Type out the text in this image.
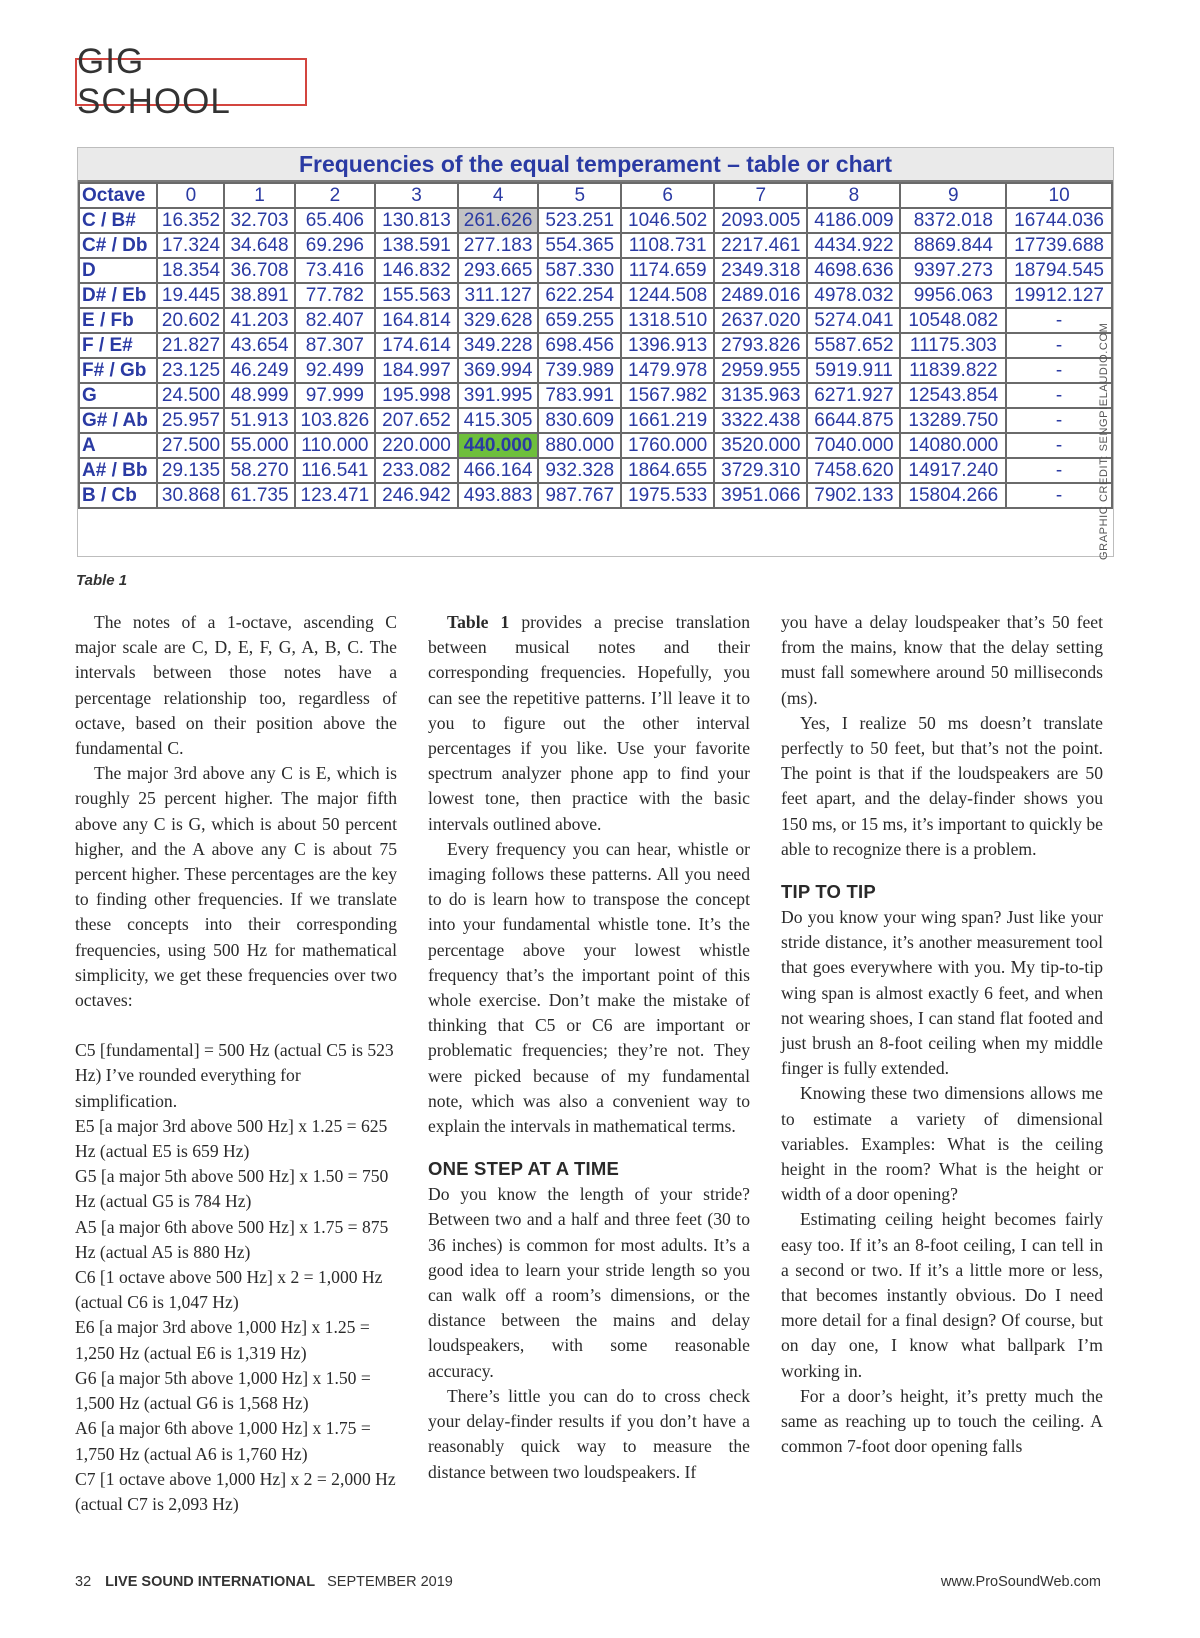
GIG SCHOOL
Frequencies of the equal temperament – table or chart
Octave	0	1	2	3	4	5	6	7	8	9	10
C / B#	16.352	32.703	65.406	130.813	261.626	523.251	1046.502	2093.005	4186.009	8372.018	16744.036
C# / Db	17.324	34.648	69.296	138.591	277.183	554.365	1108.731	2217.461	4434.922	8869.844	17739.688
D	18.354	36.708	73.416	146.832	293.665	587.330	1174.659	2349.318	4698.636	9397.273	18794.545
D# / Eb	19.445	38.891	77.782	155.563	311.127	622.254	1244.508	2489.016	4978.032	9956.063	19912.127
E / Fb	20.602	41.203	82.407	164.814	329.628	659.255	1318.510	2637.020	5274.041	10548.082	-
F / E#	21.827	43.654	87.307	174.614	349.228	698.456	1396.913	2793.826	5587.652	11175.303	-
F# / Gb	23.125	46.249	92.499	184.997	369.994	739.989	1479.978	2959.955	5919.911	11839.822	-
G	24.500	48.999	97.999	195.998	391.995	783.991	1567.982	3135.963	6271.927	12543.854	-
G# / Ab	25.957	51.913	103.826	207.652	415.305	830.609	1661.219	3322.438	6644.875	13289.750	-
A	27.500	55.000	110.000	220.000	440.000	880.000	1760.000	3520.000	7040.000	14080.000	-
A# / Bb	29.135	58.270	116.541	233.082	466.164	932.328	1864.655	3729.310	7458.620	14917.240	-
B / Cb	30.868	61.735	123.471	246.942	493.883	987.767	1975.533	3951.066	7902.133	15804.266	-	GRAPHIC CREDIT: SENGPIELAUDIO.COM
Table 1

The notes of a 1-octave, ascending C major scale are C, D, E, F, G, A, B, C. The intervals between those notes have a percentage relationship too, regardless of octave, based on their position above the fundamental C.

The major 3rd above any C is E, which is roughly 25 percent higher. The major fifth above any C is G, which is about 50 percent higher, and the A above any C is about 75 percent higher. These percentages are the key to finding other frequencies. If we translate these concepts into their corresponding frequencies, using 500 Hz for mathematical simplicity, we get these frequencies over two octaves:

C5 [fundamental] = 500 Hz (actual C5 is 523 Hz) I’ve rounded everything for simplification.

E5 [a major 3rd above 500 Hz] x 1.25 = 625 Hz (actual E5 is 659 Hz)

G5 [a major 5th above 500 Hz] x 1.50 = 750 Hz (actual G5 is 784 Hz)

A5 [a major 6th above 500 Hz] x 1.75 = 875 Hz (actual A5 is 880 Hz)

C6 [1 octave above 500 Hz] x 2 = 1,000 Hz (actual C6 is 1,047 Hz)

E6 [a major 3rd above 1,000 Hz] x 1.25 = 1,250 Hz (actual E6 is 1,319 Hz)

G6 [a major 5th above 1,000 Hz] x 1.50 = 1,500 Hz (actual G6 is 1,568 Hz)

A6 [a major 6th above 1,000 Hz] x 1.75 = 1,750 Hz (actual A6 is 1,760 Hz)

C7 [1 octave above 1,000 Hz] x 2 = 2,000 Hz (actual C7 is 2,093 Hz)

Table 1 provides a precise translation between musical notes and their corresponding frequencies. Hopefully, you can see the repetitive patterns. I’ll leave it to you to figure out the other interval percentages if you like. Use your favorite spectrum analyzer phone app to find your lowest tone, then practice with the basic intervals outlined above.

Every frequency you can hear, whistle or imaging follows these patterns. All you need to do is learn how to transpose the concept into your fundamental whistle tone. It’s the percentage above your lowest whistle frequency that’s the important point of this whole exercise. Don’t make the mistake of thinking that C5 or C6 are important or problematic frequencies; they’re not. They were picked because of my fundamental note, which was also a convenient way to explain the intervals in mathematical terms.

ONE STEP AT A TIME

Do you know the length of your stride? Between two and a half and three feet (30 to 36 inches) is common for most adults. It’s a good idea to learn your stride length so you can walk off a room’s dimensions, or the distance between the mains and delay loudspeakers, with some reasonable accuracy.

There’s little you can do to cross check your delay-finder results if you don’t have a reasonably quick way to measure the distance between two loudspeakers. If

you have a delay loudspeaker that’s 50 feet from the mains, know that the delay setting must fall somewhere around 50 milliseconds (ms).

Yes, I realize 50 ms doesn’t translate perfectly to 50 feet, but that’s not the point. The point is that if the loudspeakers are 50 feet apart, and the delay-finder shows you 150 ms, or 15 ms, it’s important to quickly be able to recognize there is a problem.

TIP TO TIP

Do you know your wing span? Just like your stride distance, it’s another measurement tool that goes everywhere with you. My tip-to-tip wing span is almost exactly 6 feet, and when not wearing shoes, I can stand flat footed and just brush an 8-foot ceiling when my middle finger is fully extended.

Knowing these two dimensions allows me to estimate a variety of dimensional variables. Examples: What is the ceiling height in the room? What is the height or width of a door opening?

Estimating ceiling height becomes fairly easy too. If it’s an 8-foot ceiling, I can tell in a second or two. If it’s a little more or less, that becomes instantly obvious. Do I need more detail for a final design? Of course, but on day one, I know what ballpark I’m working in.

For a door’s height, it’s pretty much the same as reaching up to touch the ceiling. A common 7-foot door opening falls

32 LIVE SOUND INTERNATIONAL SEPTEMBER 2019	www.ProSoundWeb.com
